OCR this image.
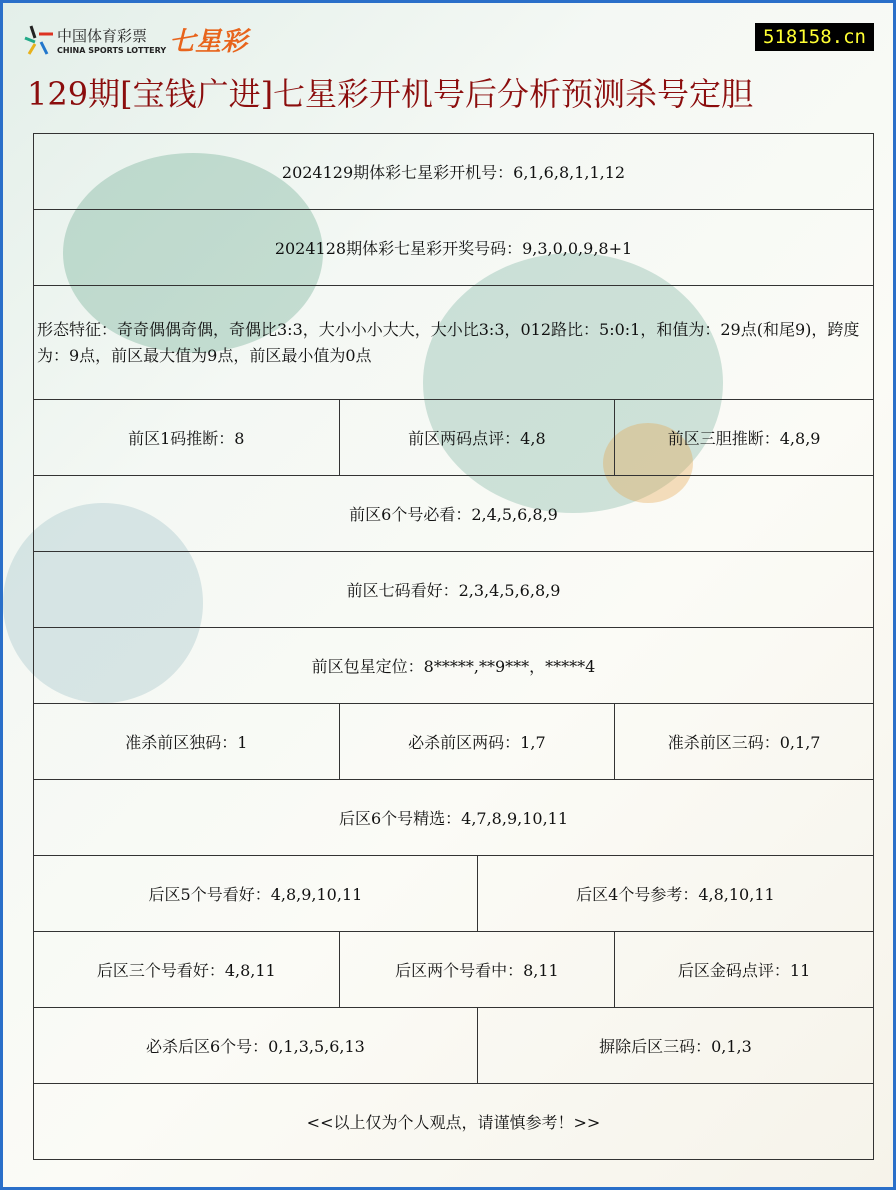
中国体育彩票
CHINA SPORTS LOTTERY 七星彩	518158.cn
129期[宝钱广进]七星彩开机号后分析预测杀号定胆
2024129期体彩七星彩开机号：6,1,6,8,1,1,12			
2024128期体彩七星彩开奖号码：9,3,0,0,9,8+1			
形态特征：奇奇偶偶奇偶，奇偶比3:3，大小小小大大，大小比3:3，012路比：5:0:1，和值为：29点(和尾9)，跨度为：9点，前区最大值为9点，前区最小值为0点			
前区1码推断：8	前区两码点评：4,8		前区三胆推断：4,8,9
前区6个号必看：2,4,5,6,8,9			
前区七码看好：2,3,4,5,6,8,9			
前区包星定位：8*****,**9***，*****4			
准杀前区独码：1	必杀前区两码：1,7		准杀前区三码：0,1,7
后区6个号精选：4,7,8,9,10,11			
后区5个号看好：4,8,9,10,11		后区4个号参考：4,8,10,11	
后区三个号看好：4,8,11	后区两个号看中：8,11		后区金码点评：11
必杀后区6个号：0,1,3,5,6,13		摒除后区三码：0,1,3	
<<以上仅为个人观点，请谨慎参考！>>			
